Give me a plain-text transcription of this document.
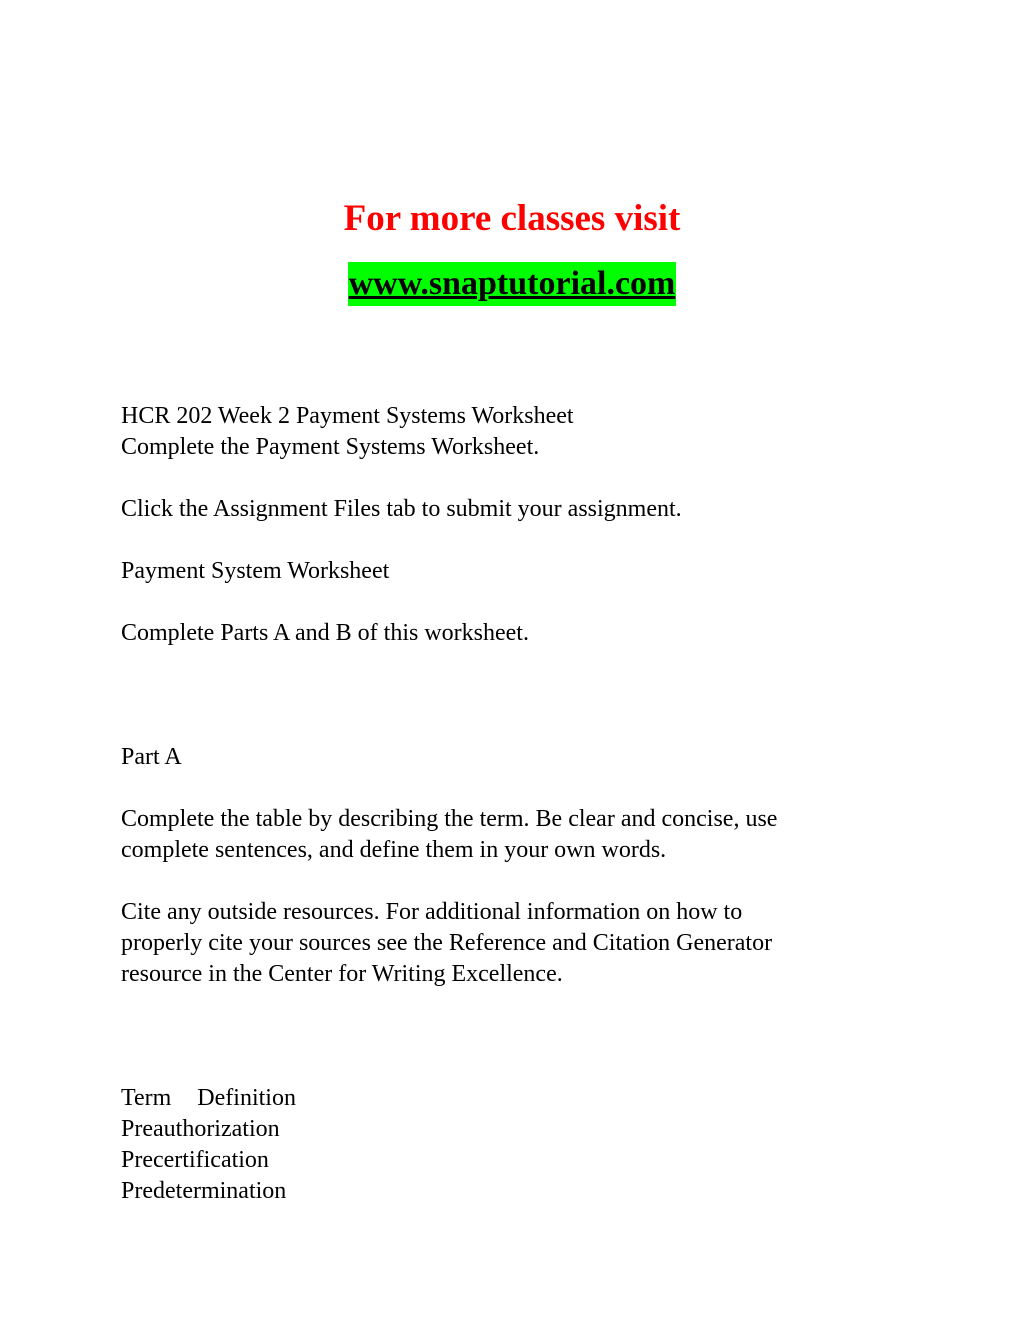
For more classes visit
www.snaptutorial.com

HCR 202 Week 2 Payment Systems Worksheet

Complete the Payment Systems Worksheet.

Click the Assignment Files tab to submit your assignment.

Payment System Worksheet

Complete Parts A and B of this worksheet.

Part A

Complete the table by describing the term. Be clear and concise, use

complete sentences, and define them in your own words.

Cite any outside resources. For additional information on how to

properly cite your sources see the Reference and Citation Generator

resource in the Center for Writing Excellence.

Term Definition

Preauthorization

Precertification

Predetermination
